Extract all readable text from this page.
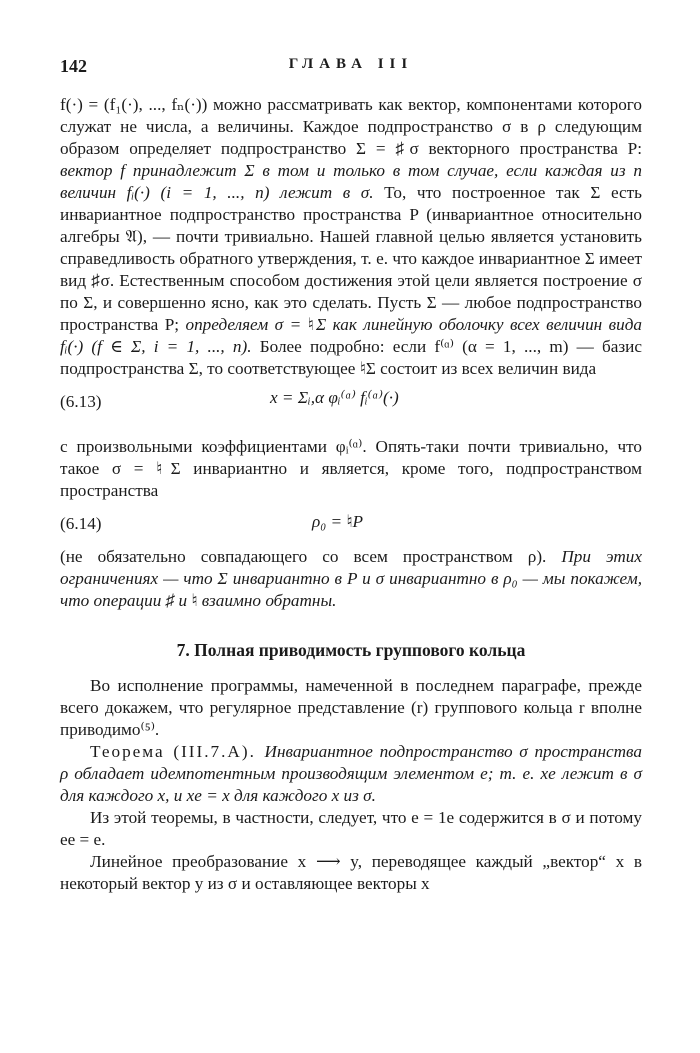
142	ГЛАВА III

f(·) = (f₁(·), ..., fₙ(·)) можно рассматривать как вектор, компонентами которого служат не числа, а величины. Каждое подпространство σ в ρ следующим образом определяет подпространство Σ = ♯σ векторного пространства P: вектор f принадлежит Σ в том и только в том случае, если каждая из n величин fᵢ(·) (i = 1, ..., n) лежит в σ. То, что построенное так Σ есть инвариантное подпространство пространства P (инвариантное относительно алгебры 𝔄), — почти тривиально. Нашей главной целью является установить справедливость обратного утверждения, т. е. что каждое инвариантное Σ имеет вид ♯σ. Естественным способом достижения этой цели является построение σ по Σ, и совершенно ясно, как это сделать. Пусть Σ — любое подпространство пространства P; определяем σ = ♮Σ как линейную оболочку всех величин вида fᵢ(·) (f ∈ Σ, i = 1, ..., n). Более подробно: если f⁽ᵅ⁾ (α = 1, ..., m) — базис подпространства Σ, то соответствующее ♮Σ состоит из всех величин вида

(6.13)	x = Σᵢ,α φᵢ⁽ᵅ⁾ fᵢ⁽ᵅ⁾(·)

с произвольными коэффициентами φᵢ⁽ᵅ⁾. Опять-таки почти тривиально, что такое σ = ♮Σ инвариантно и является, кроме того, подпространством пространства

(6.14)	ρ₀ = ♮P

(не обязательно совпадающего со всем пространством ρ). При этих ограничениях — что Σ инвариантно в P и σ инвариантно в ρ₀ — мы покажем, что операции ♯ и ♮ взаимно обратны.

7. Полная приводимость группового кольца

Во исполнение программы, намеченной в последнем параграфе, прежде всего докажем, что регулярное представление (r) группового кольца r вполне приводимо⁽⁵⁾.

Теорема (III.7.A). Инвариантное подпространство σ пространства ρ обладает идемпотентным производящим элементом e; т. е. xe лежит в σ для каждого x, и xe = x для каждого x из σ.

Из этой теоремы, в частности, следует, что e = 1e содержится в σ и потому ee = e.

Линейное преобразование x ⟶ y, переводящее каждый „вектор“ x в некоторый вектор y из σ и оставляющее векторы x
